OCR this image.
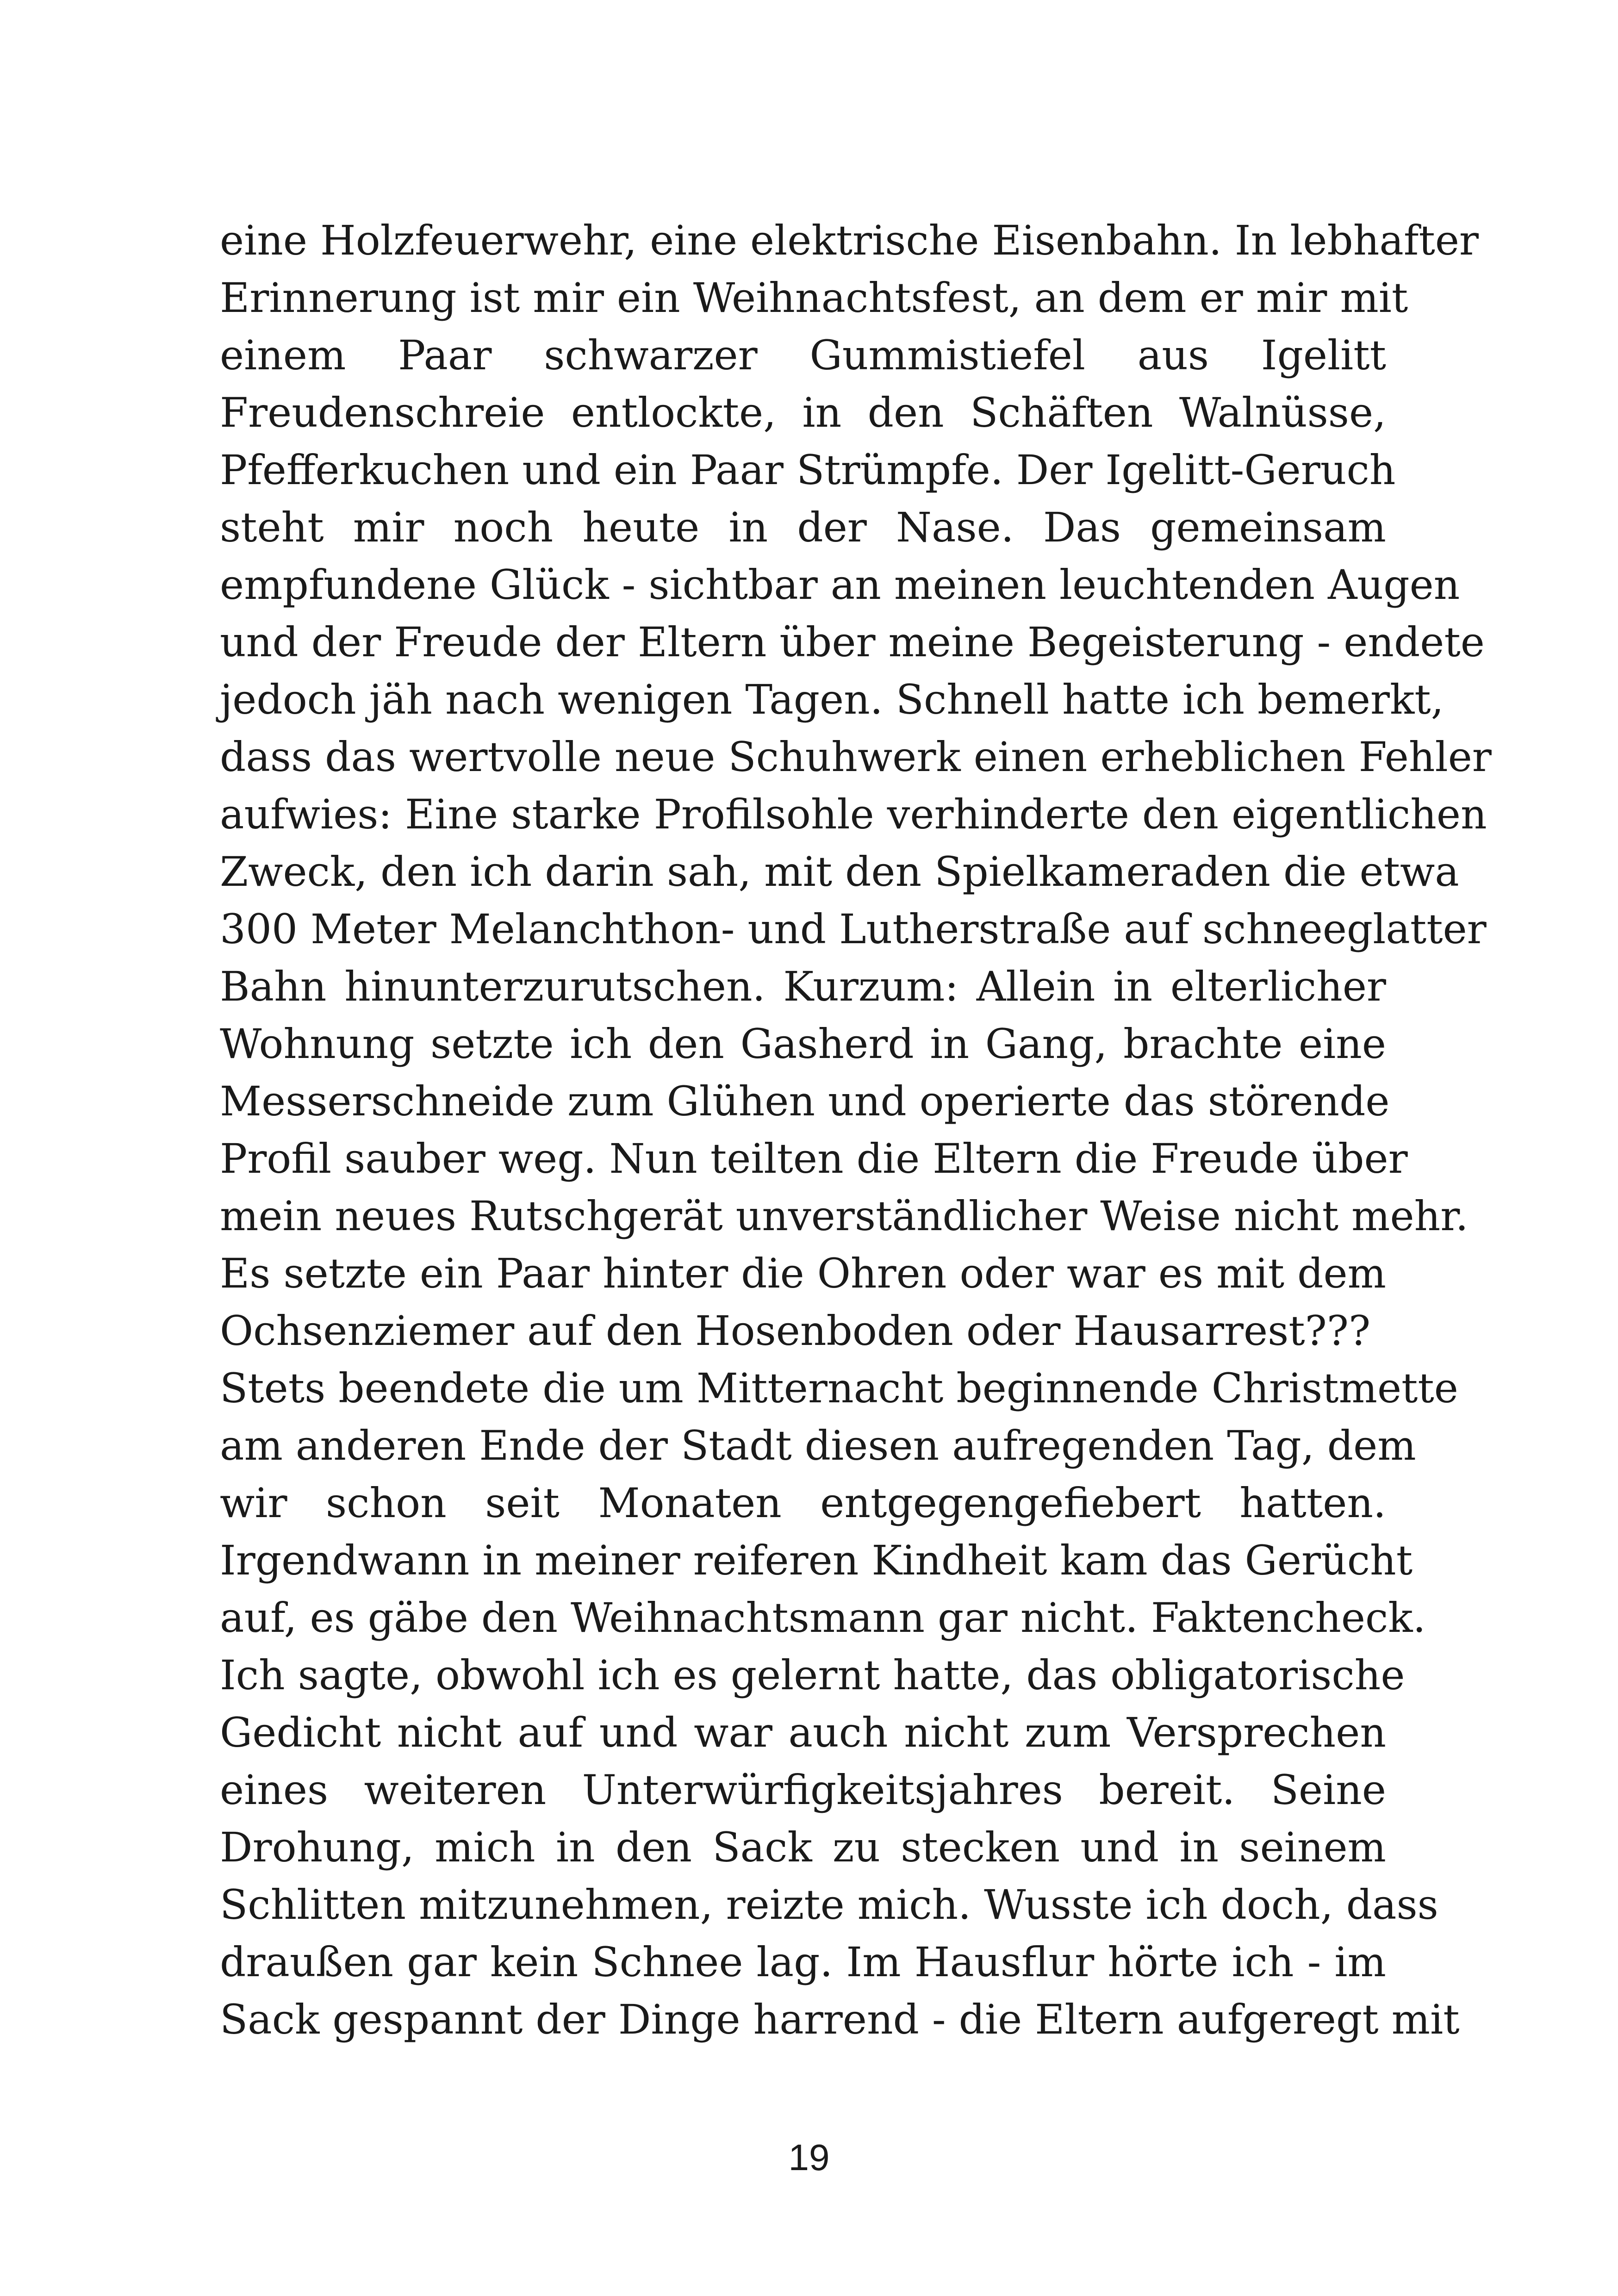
eine Holzfeuerwehr, eine elektrische Eisenbahn. In lebhafter
Erinnerung ist mir ein Weihnachtsfest, an dem er mir mit
einem Paar schwarzer Gummistiefel aus Igelitt
Freudenschreie entlockte, in den Schäften Walnüsse,
Pfefferkuchen und ein Paar Strümpfe. Der Igelitt-Geruch
steht mir noch heute in der Nase. Das gemeinsam
empfundene Glück - sichtbar an meinen leuchtenden Augen
und der Freude der Eltern über meine Begeisterung - endete
jedoch jäh nach wenigen Tagen. Schnell hatte ich bemerkt,
dass das wertvolle neue Schuhwerk einen erheblichen Fehler
aufwies: Eine starke Profilsohle verhinderte den eigentlichen
Zweck, den ich darin sah, mit den Spielkameraden die etwa
300 Meter Melanchthon- und Lutherstraße auf schneeglatter
Bahn hinunterzurutschen. Kurzum: Allein in elterlicher
Wohnung setzte ich den Gasherd in Gang, brachte eine
Messerschneide zum Glühen und operierte das störende
Profil sauber weg. Nun teilten die Eltern die Freude über
mein neues Rutschgerät unverständlicher Weise nicht mehr.
Es setzte ein Paar hinter die Ohren oder war es mit dem
Ochsenziemer auf den Hosenboden oder Hausarrest???
Stets beendete die um Mitternacht beginnende Christmette
am anderen Ende der Stadt diesen aufregenden Tag, dem
wir schon seit Monaten entgegengefiebert hatten.
Irgendwann in meiner reiferen Kindheit kam das Gerücht
auf, es gäbe den Weihnachtsmann gar nicht. Faktencheck.
Ich sagte, obwohl ich es gelernt hatte, das obligatorische
Gedicht nicht auf und war auch nicht zum Versprechen
eines weiteren Unterwürfigkeitsjahres bereit. Seine
Drohung, mich in den Sack zu stecken und in seinem
Schlitten mitzunehmen, reizte mich. Wusste ich doch, dass
draußen gar kein Schnee lag. Im Hausflur hörte ich - im
Sack gespannt der Dinge harrend - die Eltern aufgeregt mit
19
